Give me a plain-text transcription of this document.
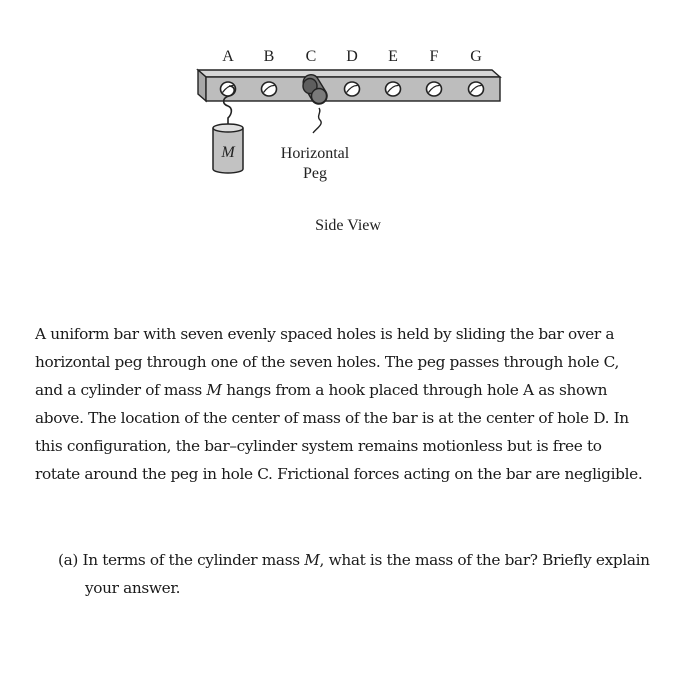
A B C D E F G
M	Horizontal
Peg
Side View

A uniform bar with seven evenly spaced holes is held by sliding the bar over a horizontal peg through one of the seven holes. The peg passes through hole C, and a cylinder of mass M hangs from a hook placed through hole A as shown above. The location of the center of mass of the bar is at the center of hole D. In this configuration, the bar–cylinder system remains motionless but is free to rotate around the peg in hole C. Frictional forces acting on the bar are negligible.

(a) In terms of the cylinder mass M, what is the mass of the bar? Briefly explain your answer.
